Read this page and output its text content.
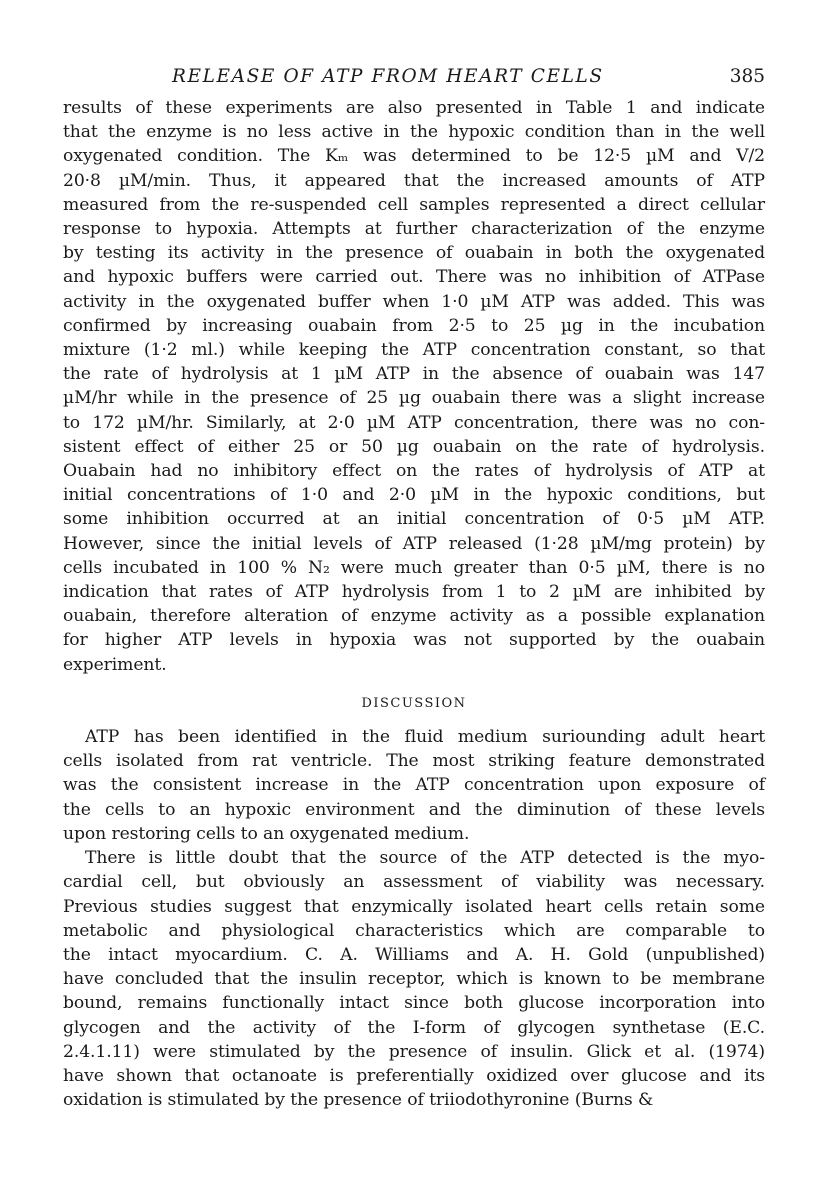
RELEASE OF ATP FROM HEART CELLS	385

results of these experiments are also presented in Table 1 and indicate
that the enzyme is no less active in the hypoxic condition than in the well
oxygenated condition. The Kₘ was determined to be 12·5 µM and V/2
20·8 µM/min. Thus, it appeared that the increased amounts of ATP
measured from the re-suspended cell samples represented a direct cellular
response to hypoxia. Attempts at further characterization of the enzyme
by testing its activity in the presence of ouabain in both the oxygenated
and hypoxic buffers were carried out. There was no inhibition of ATPase
activity in the oxygenated buffer when 1·0 µM ATP was added. This was
confirmed by increasing ouabain from 2·5 to 25 µg in the incubation
mixture (1·2 ml.) while keeping the ATP concentration constant, so that
the rate of hydrolysis at 1 µM ATP in the absence of ouabain was 147
µM/hr while in the presence of 25 µg ouabain there was a slight increase
to 172 µM/hr. Similarly, at 2·0 µM ATP concentration, there was no con-
sistent effect of either 25 or 50 µg ouabain on the rate of hydrolysis.
Ouabain had no inhibitory effect on the rates of hydrolysis of ATP at
initial concentrations of 1·0 and 2·0 µM in the hypoxic conditions, but
some inhibition occurred at an initial concentration of 0·5 µM ATP.
However, since the initial levels of ATP released (1·28 µM/mg protein) by
cells incubated in 100 % N₂ were much greater than 0·5 µM, there is no
indication that rates of ATP hydrolysis from 1 to 2 µM are inhibited by
ouabain, therefore alteration of enzyme activity as a possible explanation
for higher ATP levels in hypoxia was not supported by the ouabain
experiment.

DISCUSSION

ATP has been identified in the fluid medium suriounding adult heart
cells isolated from rat ventricle. The most striking feature demonstrated
was the consistent increase in the ATP concentration upon exposure of
the cells to an hypoxic environment and the diminution of these levels
upon restoring cells to an oxygenated medium.

There is little doubt that the source of the ATP detected is the myo-
cardial cell, but obviously an assessment of viability was necessary.
Previous studies suggest that enzymically isolated heart cells retain some
metabolic and physiological characteristics which are comparable to
the intact myocardium. C. A. Williams and A. H. Gold (unpublished)
have concluded that the insulin receptor, which is known to be membrane
bound, remains functionally intact since both glucose incorporation into
glycogen and the activity of the I-form of glycogen synthetase (E.C.
2.4.1.11) were stimulated by the presence of insulin. Glick et al. (1974)
have shown that octanoate is preferentially oxidized over glucose and its
oxidation is stimulated by the presence of triiodothyronine (Burns &
